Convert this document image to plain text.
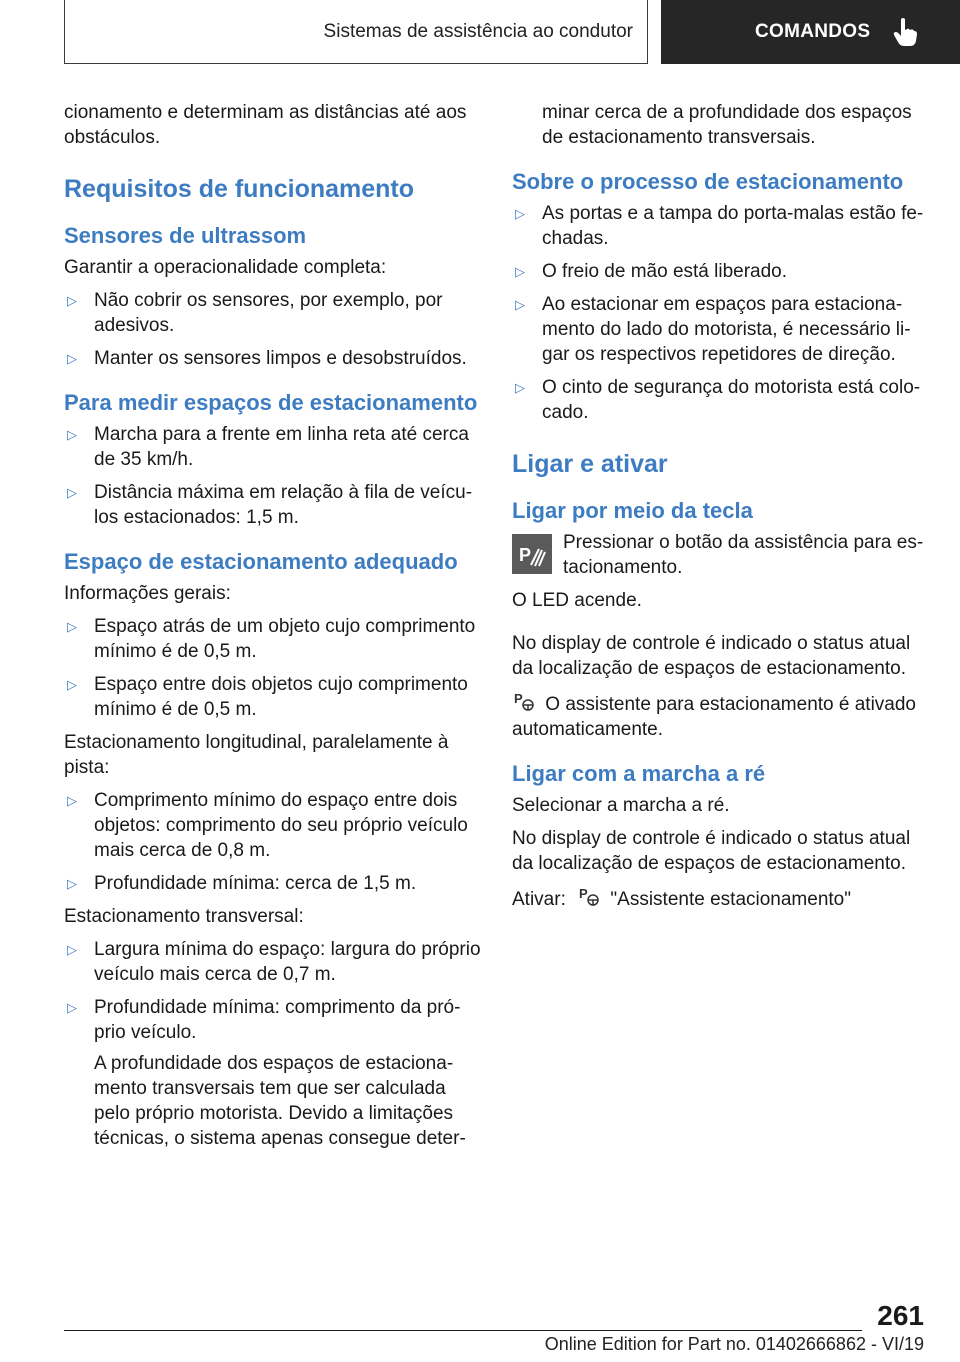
Sistemas de assistência ao condutor	COMANDOS

cionamento e determinam as distâncias até aos obstáculos.

Requisitos de funcionamento
Sensores de ultrassom

Garantir a operacionalidade completa:

▷ Não cobrir os sensores, por exemplo, por adesivos.
▷ Manter os sensores limpos e desobstruídos.
Para medir espaços de estacionamento
▷ Marcha para a frente em linha reta até cerca de 35 km/h.
▷ Distância máxima em relação à fila de veícu-los estacionados: 1,5 m.
Espaço de estacionamento adequado

Informações gerais:

▷ Espaço atrás de um objeto cujo comprimento mínimo é de 0,5 m.
▷ Espaço entre dois objetos cujo comprimento mínimo é de 0,5 m.

Estacionamento longitudinal, paralelamente à pista:

▷ Comprimento mínimo do espaço entre dois objetos: comprimento do seu próprio veículo mais cerca de 0,8 m.
▷ Profundidade mínima: cerca de 1,5 m.

Estacionamento transversal:

▷ Largura mínima do espaço: largura do próprio veículo mais cerca de 0,7 m.
▷ Profundidade mínima: comprimento da pró-prio veículo.

A profundidade dos espaços de estaciona-mento transversais tem que ser calculada pelo próprio motorista. Devido a limitações técnicas, o sistema apenas consegue deter-

minar cerca de a profundidade dos espaços de estacionamento transversais.

Sobre o processo de estacionamento
▷ As portas e a tampa do porta-malas estão fe-chadas.
▷ O freio de mão está liberado.
▷ Ao estacionar em espaços para estaciona-mento do lado do motorista, é necessário li-gar os respectivos repetidores de direção.
▷ O cinto de segurança do motorista está colo-cado.
Ligar e ativar
Ligar por meio da tecla
P
Pressionar o botão da assistência para es-tacionamento.

O LED acende.

No display de controle é indicado o status atual da localização de espaços de estacionamento.

P O assistente para estacionamento é ativado automaticamente.

Ligar com a marcha a ré

Selecionar a marcha a ré.

No display de controle é indicado o status atual da localização de espaços de estacionamento.

Ativar: P "Assistente estacionamento"

261
Online Edition for Part no. 01402666862 - VI/19
